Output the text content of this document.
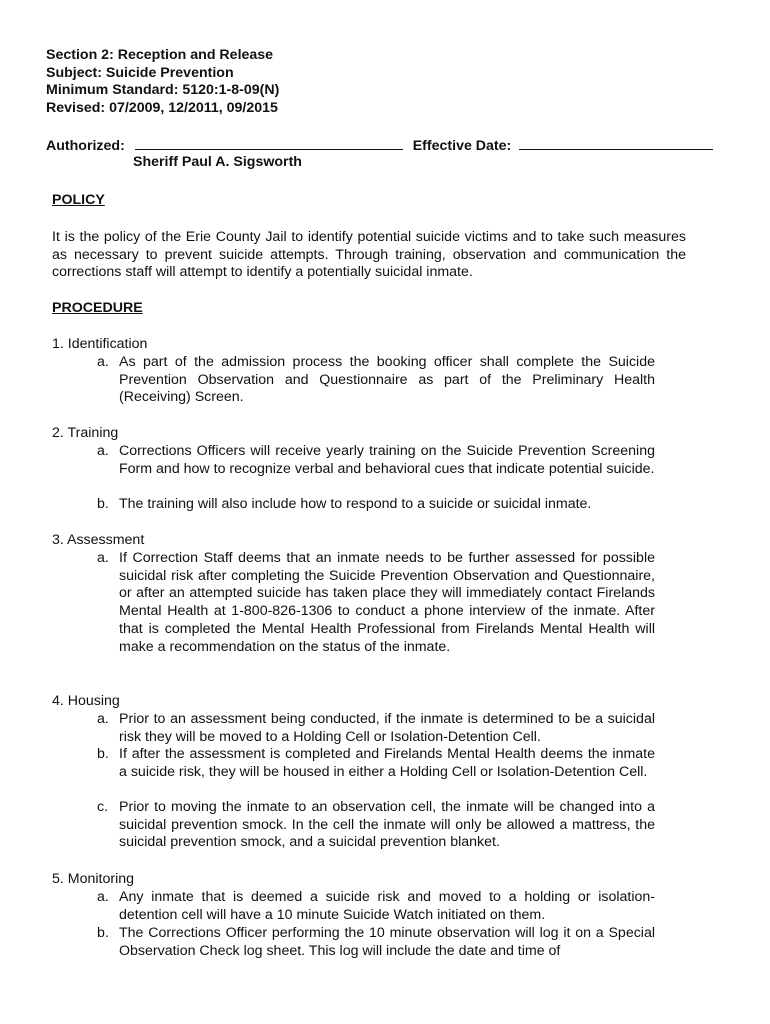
Section 2: Reception and Release
Subject: Suicide Prevention
Minimum Standard: 5120:1-8-09(N)
Revised: 07/2009, 12/2011, 09/2015
Authorized:	Effective Date:
Sheriff Paul A. Sigsworth
POLICY
It is the policy of the Erie County Jail to identify potential suicide victims and to take such measures as necessary to prevent suicide attempts. Through training, observation and communication the corrections staff will attempt to identify a potentially suicidal inmate.
PROCEDURE
1. Identification
a. As part of the admission process the booking officer shall complete the Suicide Prevention Observation and Questionnaire as part of the Preliminary Health (Receiving) Screen.
2. Training
a. Corrections Officers will receive yearly training on the Suicide Prevention Screening Form and how to recognize verbal and behavioral cues that indicate potential suicide.
b. The training will also include how to respond to a suicide or suicidal inmate.
3. Assessment
a. If Correction Staff deems that an inmate needs to be further assessed for possible suicidal risk after completing the Suicide Prevention Observation and Questionnaire, or after an attempted suicide has taken place they will immediately contact Firelands Mental Health at 1-800-826-1306 to conduct a phone interview of the inmate. After that is completed the Mental Health Professional from Firelands Mental Health will make a recommendation on the status of the inmate.
4. Housing
a. Prior to an assessment being conducted, if the inmate is determined to be a suicidal risk they will be moved to a Holding Cell or Isolation-Detention Cell.
b. If after the assessment is completed and Firelands Mental Health deems the inmate a suicide risk, they will be housed in either a Holding Cell or Isolation-Detention Cell.
c. Prior to moving the inmate to an observation cell, the inmate will be changed into a suicidal prevention smock. In the cell the inmate will only be allowed a mattress, the suicidal prevention smock, and a suicidal prevention blanket.
5. Monitoring
a. Any inmate that is deemed a suicide risk and moved to a holding or isolation-detention cell will have a 10 minute Suicide Watch initiated on them.
b. The Corrections Officer performing the 10 minute observation will log it on a Special Observation Check log sheet. This log will include the date and time of
